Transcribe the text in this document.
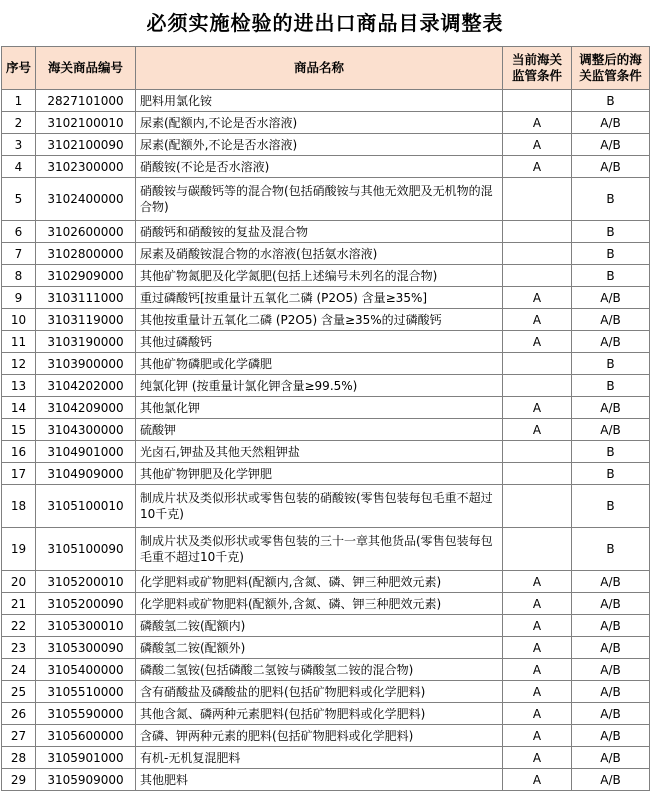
必须实施检验的进出口商品目录调整表
序号	海关商品编号	商品名称	当前海关监管条件	调整后的海关监管条件
1	2827101000	肥料用氯化铵		B
2	3102100010	尿素(配额内,不论是否水溶液)	A	A/B
3	3102100090	尿素(配额外,不论是否水溶液)	A	A/B
4	3102300000	硝酸铵(不论是否水溶液)	A	A/B
5	3102400000	硝酸铵与碳酸钙等的混合物(包括硝酸铵与其他无效肥及无机物的混合物)		B
6	3102600000	硝酸钙和硝酸铵的复盐及混合物		B
7	3102800000	尿素及硝酸铵混合物的水溶液(包括氨水溶液)		B
8	3102909000	其他矿物氮肥及化学氮肥(包括上述编号未列名的混合物)		B
9	3103111000	重过磷酸钙[按重量计五氧化二磷 (P2O5) 含量≥35%]	A	A/B
10	3103119000	其他按重量计五氧化二磷 (P2O5) 含量≥35%的过磷酸钙	A	A/B
11	3103190000	其他过磷酸钙	A	A/B
12	3103900000	其他矿物磷肥或化学磷肥		B
13	3104202000	纯氯化钾 (按重量计氯化钾含量≥99.5%)		B
14	3104209000	其他氯化钾	A	A/B
15	3104300000	硫酸钾	A	A/B
16	3104901000	光卤石,钾盐及其他天然粗钾盐		B
17	3104909000	其他矿物钾肥及化学钾肥		B
18	3105100010	制成片状及类似形状或零售包装的硝酸铵(零售包装每包毛重不超过10千克)		B
19	3105100090	制成片状及类似形状或零售包装的三十一章其他货品(零售包装每包毛重不超过10千克)		B
20	3105200010	化学肥料或矿物肥料(配额内,含氮、磷、钾三种肥效元素)	A	A/B
21	3105200090	化学肥料或矿物肥料(配额外,含氮、磷、钾三种肥效元素)	A	A/B
22	3105300010	磷酸氢二铵(配额内)	A	A/B
23	3105300090	磷酸氢二铵(配额外)	A	A/B
24	3105400000	磷酸二氢铵(包括磷酸二氢铵与磷酸氢二铵的混合物)	A	A/B
25	3105510000	含有硝酸盐及磷酸盐的肥料(包括矿物肥料或化学肥料)	A	A/B
26	3105590000	其他含氮、磷两种元素肥料(包括矿物肥料或化学肥料)	A	A/B
27	3105600000	含磷、钾两种元素的肥料(包括矿物肥料或化学肥料)	A	A/B
28	3105901000	有机-无机复混肥料	A	A/B
29	3105909000	其他肥料	A	A/B
